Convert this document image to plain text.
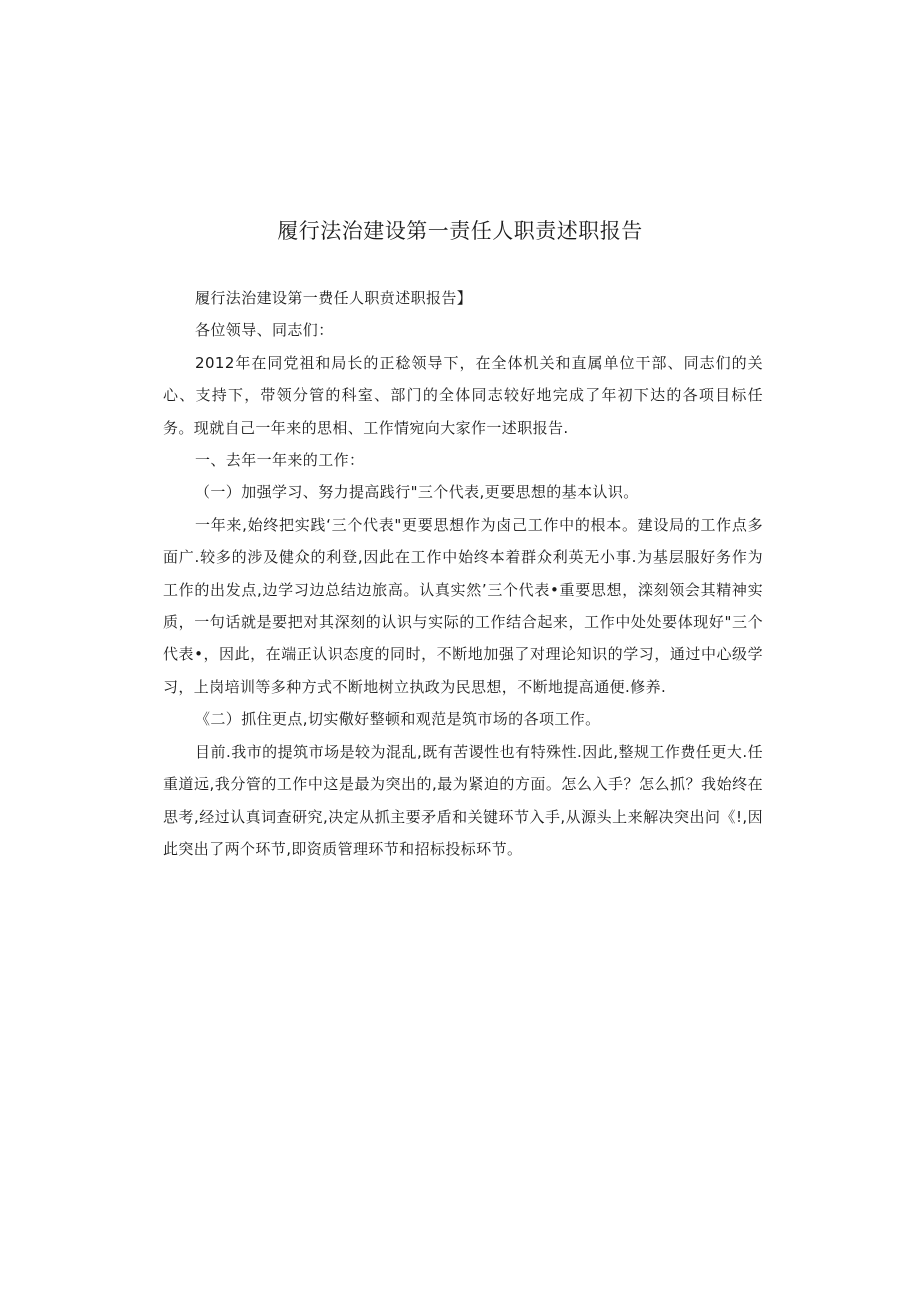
履行法治建设第一责任人职责述职报告

履行法治建设第一费任人职贲述职报告】

各位领导、同志们：

2012年在同党祖和局长的正稔领导下，在全体机关和直属单位干部、同志们的关心、支持下，带领分管的科室、部门的全体同志较好地完成了年初下达的各项目标任务。现就自己一年来的思相、工作情宛向大家作一述职报告.

一、去年一年来的工作：

（一）加强学习、努力提高践行"三个代表,更要思想的基本认识。

一年来,始终把实践‘三个代表"更要思想作为卤己工作中的根本。建设局的工作点多面广.较多的涉及健众的利登,因此在工作中始终本着群众利英无小事.为基层服好务作为工作的出发点,边学习边总结边旅高。认真实然’三个代表•重要思想，滦刻领会其精神实质，一句话就是要把对其深刻的认识与实际的工作结合起来，工作中处处要体现好"三个代表•，因此，在端正认识态度的同时，不断地加强了对理论知识的学习，通过中心级学习，上岗培训等多种方式不断地树立执政为民思想，不断地提高通便.修养.

《二）抓住更点,切实儆好整顿和观范是筑市场的各项工作。

目前.我市的提筑市场是较为混乱,既有苦谡性也有特殊性.因此,整规工作费任更大.任重道远,我分管的工作中这是最为突出的,最为紧迫的方面。怎么入手？怎么抓？我始终在思考,经过认真词查研究,决定从抓主要矛盾和关键环节入手,从源头上来解决突出问《!,因此突出了两个环节,即资质管理环节和招标投标环节。
